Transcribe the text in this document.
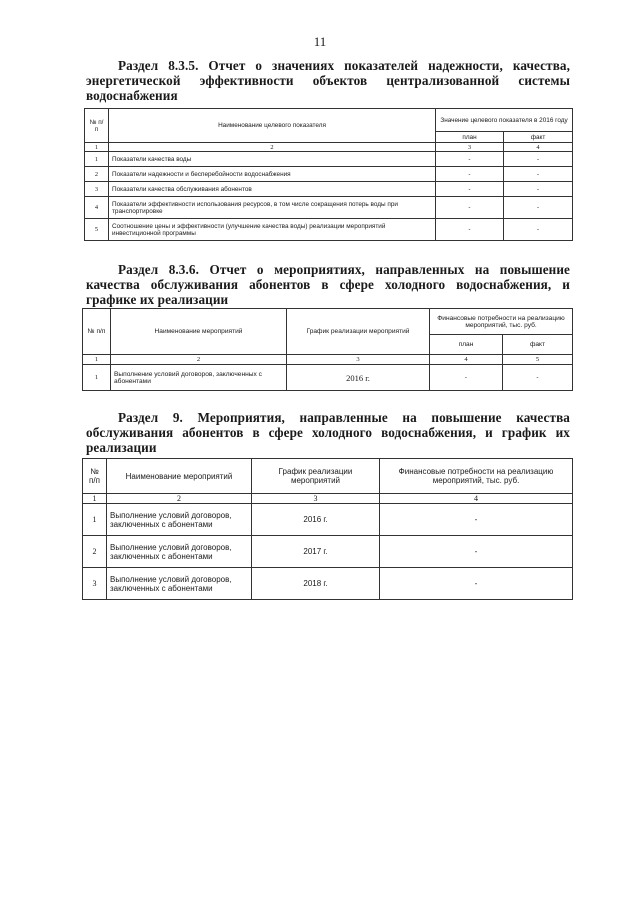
11
Раздел 8.3.5. Отчет о значениях показателей надежности, качества, энергетической эффективности объектов централизованной системы водоснабжения
№ п/п	Наименование целевого показателя	Значение целевого показателя в 2016 году	
		план	факт
1	2	3	4
1	Показатели качества воды	-	-
2	Показатели надежности и бесперебойности водоснабжения	-	-
3	Показатели качества обслуживания абонентов	-	-
4	Показатели эффективности использования ресурсов, в том числе сокращения потерь воды при транспортировке	-	-
5	Соотношение цены и эффективности (улучшение качества воды) реализации мероприятий инвестиционной программы	-	-
Раздел 8.3.6. Отчет о мероприятиях, направленных на повышение качества обслуживания абонентов в сфере холодного водоснабжения, и графике их реализации
№ п/п	Наименование мероприятий	График реализации мероприятий	Финансовые потребности на реализацию мероприятий, тыс. руб.	
			план	факт
1	2	3	4	5
1	Выполнение условий договоров, заключенных с абонентами	2016 г.	-	-
Раздел 9. Мероприятия, направленные на повышение качества обслуживания абонентов в сфере холодного водоснабжения, и график их реализации
№ п/п	Наименование мероприятий	График реализации мероприятий	Финансовые потребности на реализацию мероприятий, тыс. руб.
1	2	3	4
1	Выполнение условий договоров, заключенных с абонентами	2016 г.	-
2	Выполнение условий договоров, заключенных с абонентами	2017 г.	-
3	Выполнение условий договоров, заключенных с абонентами	2018 г.	-
